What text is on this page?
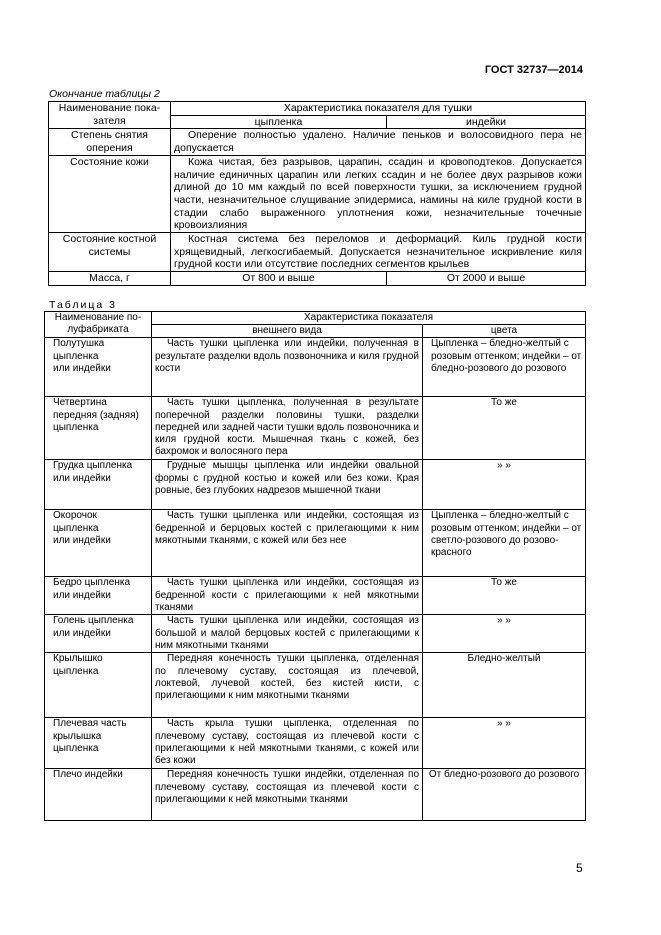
ГОСТ 32737—2014
Окончание таблицы 2
Наименование пока-
зателя	Характеристика показателя для тушки	
	цыпленка	индейки
Степень снятия оперения	Оперение полностью удалено. Наличие пеньков и волосовидного пера не допускается	
Состояние кожи	Кожа чистая, без разрывов, царапин, ссадин и кровоподтеков. Допускается наличие единичных царапин или легких ссадин и не более двух разрывов кожи длиной до 10 мм каждый по всей поверхности тушки, за исключением грудной части, незначительное слущивание эпидермиса, намины на киле грудной кости в стадии слабо выраженного уплотнения кожи, незначительные точечные кровоизлияния	
Состояние костной системы	Костная система без переломов и деформаций. Киль грудной кости хрящевидный, легкосгибаемый. Допускается незначительное искривление киля грудной кости или отсутствие последних сегментов крыльев	
Масса, г	От 800 и выше	От 2000 и выше
Таблица 3
Наименование по-
луфабриката	Характеристика показателя	
	внешнего вида	цвета
Полутушка
цыпленка
или индейки	Часть тушки цыпленка или индейки, полученная в результате разделки вдоль позвоночника и киля грудной кости	Цыпленка – бледно-желтый с розовым оттенком; индейки – от бледно-розового до розового
Четвертина
передняя (задняя) цыпленка	Часть тушки цыпленка, полученная в результате поперечной разделки половины тушки, разделки передней или задней части тушки вдоль позвоночника и киля грудной кости. Мышечная ткань с кожей, без бахромок и волосяного пера	То же
Грудка цыпленка или индейки	Грудные мышцы цыпленка или индейки овальной формы с грудной костью и кожей или без кожи. Края ровные, без глубоких надрезов мышечной ткани	» »
Окорочок
цыпленка
или индейки	Часть тушки цыпленка или индейки, состоящая из бедренной и берцовых костей с прилегающими к ним мякотными тканями, с кожей или без нее	Цыпленка – бледно-желтый с розовым оттенком; индейки – от светло-розового до розово-красного
Бедро цыпленка или индейки	Часть тушки цыпленка или индейки, состоящая из бедренной кости с прилегающими к ней мякотными тканями	То же
Голень цыпленка или индейки	Часть тушки цыпленка или индейки, состоящая из большой и малой берцовых костей с прилегающими к ним мякотными тканями	» »
Крылышко цыпленка	Передняя конечность тушки цыпленка, отделенная по плечевому суставу, состоящая из плечевой, локтевой, лучевой костей, без кистей кисти, с прилегающими к ним мякотными тканями	Бледно-желтый
Плечевая часть крылышка цыпленка	Часть крыла тушки цыпленка, отделенная по плечевому суставу, состоящая из плечевой кости с прилегающими к ней мякотными тканями, с кожей или без кожи	» »
Плечо индейки	Передняя конечность тушки индейки, отделенная по плечевому суставу, состоящая из плечевой кости с прилегающими к ней мякотными тканями	От бледно-розового до розового
5
